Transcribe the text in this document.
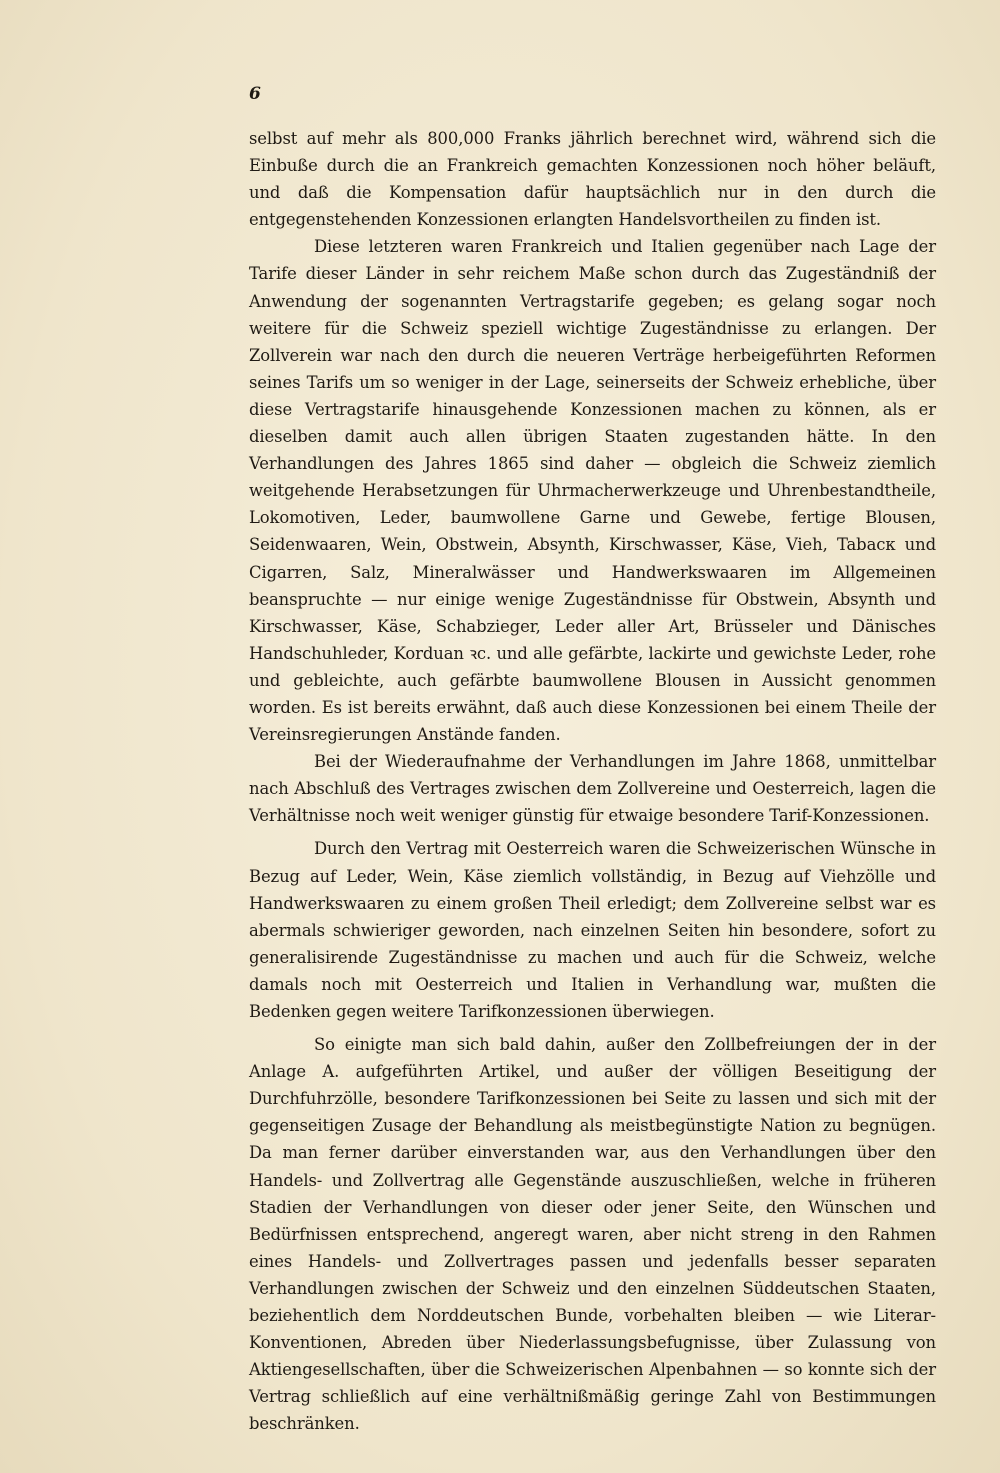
6

selbst auf mehr als 800,000 Franks jährlich berechnet wird, während sich die Einbuße durch die an Frankreich gemachten Konzessionen noch höher beläuft, und daß die Kompensation dafür hauptsächlich nur in den durch die entgegenstehenden Konzessionen erlangten Handelsvortheilen zu finden ist.

Diese letzteren waren Frankreich und Italien gegenüber nach Lage der Tarife dieser Länder in sehr reichem Maße schon durch das Zugeständniß der Anwendung der sogenannten Vertragstarife gegeben; es gelang sogar noch weitere für die Schweiz speziell wichtige Zugeständnisse zu erlangen. Der Zollverein war nach den durch die neueren Verträge herbeigeführten Reformen seines Tarifs um so weniger in der Lage, seinerseits der Schweiz erhebliche, über diese Vertragstarife hinausgehende Konzessionen machen zu können, als er dieselben damit auch allen übrigen Staaten zugestanden hätte. In den Verhandlungen des Jahres 1865 sind daher — obgleich die Schweiz ziemlich weitgehende Herabsetzungen für Uhrmacherwerkzeuge und Uhrenbestandtheile, Lokomotiven, Leder, baumwollene Garne und Gewebe, fertige Blousen, Seidenwaaren, Wein, Obstwein, Absynth, Kirschwasser, Käse, Vieh, Tabacк und Cigarren, Salz, Mineralwässer und Handwerkswaaren im Allgemeinen beanspruchte — nur einige wenige Zugeständnisse für Obstwein, Absynth und Kirschwasser, Käse, Schabziеger, Leder aller Art, Brüsseler und Dänisches Handschuhleder, Korduan ꝛc. und alle gefärbte, lackirte und gewichste Leder, rohe und gebleichte, auch gefärbte baumwollene Blousen in Aussicht genommen worden. Es ist bereits erwähnt, daß auch diese Konzessionen bei einem Theile der Vereinsregierungen Anstände fanden.

Bei der Wiederaufnahme der Verhandlungen im Jahre 1868, unmittelbar nach Abschluß des Vertrages zwischen dem Zollvereine und Oesterreich, lagen die Verhältnisse noch weit weniger günstig für etwaige besondere Tarif-Konzessionen.

Durch den Vertrag mit Oesterreich waren die Schweizerischen Wünsche in Bezug auf Leder, Wein, Käse ziemlich vollständig, in Bezug auf Viehzölle und Handwerkswaaren zu einem großen Theil erledigt; dem Zollvereine selbst war es abermals schwieriger geworden, nach einzelnen Seiten hin besondere, sofort zu generalisirende Zugeständnisse zu machen und auch für die Schweiz, welche damals noch mit Oesterreich und Italien in Verhandlung war, mußten die Bedenken gegen weitere Tarifkonzessionen überwiegen.

So einigte man sich bald dahin, außer den Zollbefreiungen der in der Anlage A. aufgeführten Artikel, und außer der völligen Beseitigung der Durchfuhrzölle, besondere Tarifkonzessionen bei Seite zu lassen und sich mit der gegenseitigen Zusage der Behandlung als meistbegünstigte Nation zu begnügen. Da man ferner darüber einverstanden war, aus den Verhandlungen über den Handels- und Zollvertrag alle Gegenstände auszuschließen, welche in früheren Stadien der Verhandlungen von dieser oder jener Seite, den Wünschen und Bedürfnissen entsprechend, angeregt waren, aber nicht streng in den Rahmen eines Handels- und Zollvertrages passen und jedenfalls besser separaten Verhandlungen zwischen der Schweiz und den einzelnen Süddeutschen Staaten, beziehentlich dem Norddeutschen Bunde, vorbehalten bleiben — wie Literar-Konventionen, Abreden über Niederlassungsbefugnisse, über Zulassung von Aktiengesellschaften, über die Schweizerischen Alpenbahnen — so konnte sich der Vertrag schließlich auf eine verhältnißmäßig geringe Zahl von Bestimmungen beschränken.
